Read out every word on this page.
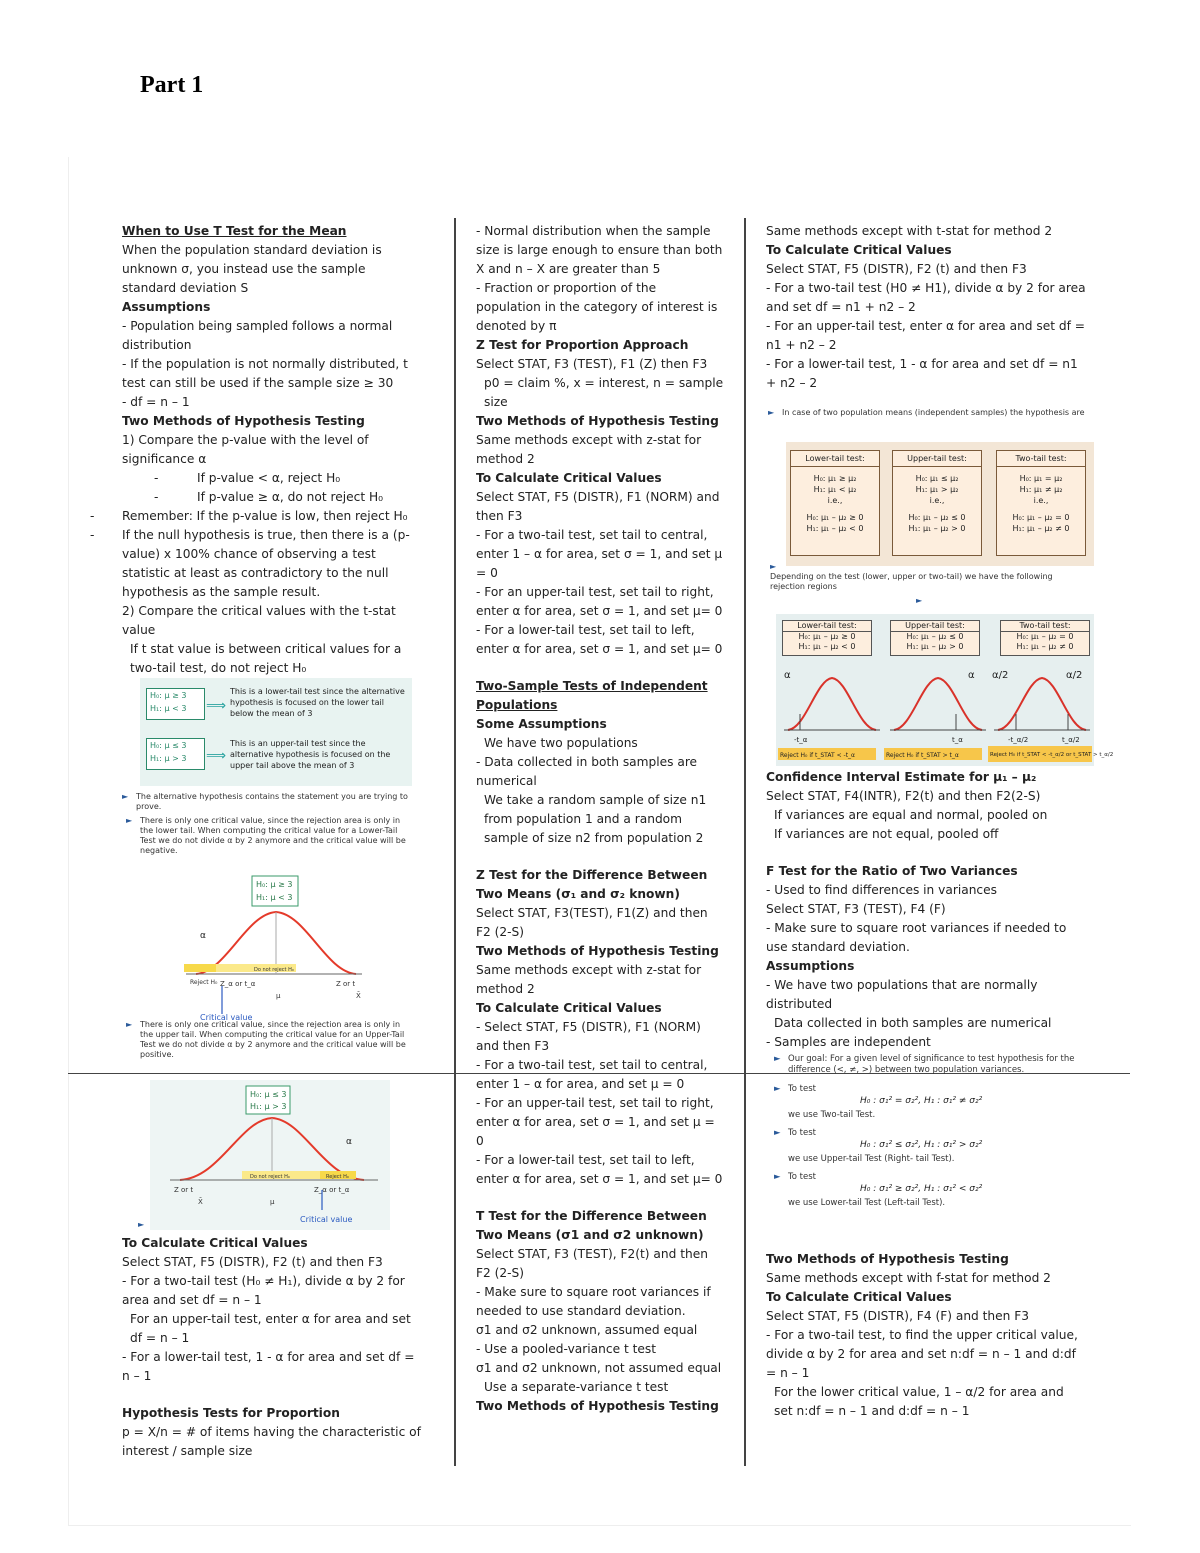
Part 1

When to Use T Test for the Mean

When the population standard deviation is unknown σ, you instead use the sample standard deviation S

Assumptions

- Population being sampled follows a normal distribution

- If the population is not normally distributed, t test can still be used if the sample size ≥ 30

- df = n – 1

Two Methods of Hypothesis Testing

1) Compare the p-value with the level of significance α

-	If p-value < α, reject H₀

-	If p-value ≥ α, do not reject H₀

- Remember: If the p-value is low, then reject H₀

- If the null hypothesis is true, then there is a (p-value) x 100% chance of observing a test statistic at least as contradictory to the null hypothesis as the sample result.

2) Compare the critical values with the t-stat value

If t stat value is between critical values for a two-tail test, do not reject H₀

H₀: μ ≥ 3
H₁: μ < 3	⟹
This is a lower-tail test since the alternative hypothesis is focused on the lower tail below the mean of 3
H₀: μ ≤ 3
H₁: μ > 3	⟹
This is an upper-tail test since the alternative hypothesis is focused on the upper tail above the mean of 3
► The alternative hypothesis contains the statement you are trying to prove.
► There is only one critical value, since the rejection area is only in the lower tail. When computing the critical value for a Lower-Tail Test we do not divide α by 2 anymore and the critical value will be negative.
H₀: μ ≥ 3
H₁: μ < 3
α
Reject H₀
Do not reject H₀
Z or t
Z_α or t_α
μ	X̄
Critical value
► There is only one critical value, since the rejection area is only in the upper tail. When computing the critical value for an Upper-Tail Test we do not divide α by 2 anymore and the critical value will be positive.
H₀: μ ≤ 3
H₁: μ > 3
α
Do not reject H₀	Reject H₀
Z or t	Z_α or t_α
μ
X̄
Critical value
►

To Calculate Critical Values

Select STAT, F5 (DISTR), F2 (t) and then F3

- For a two-tail test (H₀ ≠ H₁), divide α by 2 for area and set df = n – 1

For an upper-tail test, enter α for area and set df = n – 1

- For a lower-tail test, 1 - α for area and set df = n – 1

Hypothesis Tests for Proportion

p = X/n = # of items having the characteristic of interest / sample size

- Normal distribution when the sample size is large enough to ensure than both X and n – X are greater than 5

- Fraction or proportion of the population in the category of interest is denoted by π

Z Test for Proportion Approach

Select STAT, F3 (TEST), F1 (Z) then F3

p0 = claim %, x = interest, n = sample size

Two Methods of Hypothesis Testing

Same methods except with z-stat for method 2

To Calculate Critical Values

Select STAT, F5 (DISTR), F1 (NORM) and then F3

- For a two-tail test, set tail to central, enter 1 – α for area, set σ = 1, and set μ = 0

- For an upper-tail test, set tail to right, enter α for area, set σ = 1, and set μ= 0

- For a lower-tail test, set tail to left, enter α for area, set σ = 1, and set μ= 0

Two-Sample Tests of Independent Populations

Some Assumptions

We have two populations

- Data collected in both samples are numerical

We take a random sample of size n1 from population 1 and a random sample of size n2 from population 2

Z Test for the Difference Between Two Means (σ₁ and σ₂ known)

Select STAT, F3(TEST), F1(Z) and then F2 (2-S)

Two Methods of Hypothesis Testing

Same methods except with z-stat for method 2

To Calculate Critical Values

- Select STAT, F5 (DISTR), F1 (NORM) and then F3

- For a two-tail test, set tail to central, enter 1 – α for area, and set μ = 0

- For an upper-tail test, set tail to right, enter α for area, set σ = 1, and set μ = 0

- For a lower-tail test, set tail to left, enter α for area, set σ = 1, and set μ= 0

T Test for the Difference Between Two Means (σ1 and σ2 unknown)

Select STAT, F3 (TEST), F2(t) and then F2 (2-S)

- Make sure to square root variances if needed to use standard deviation.

σ1 and σ2 unknown, assumed equal

- Use a pooled-variance t test

σ1 and σ2 unknown, not assumed equal

Use a separate-variance t test

Two Methods of Hypothesis Testing

Same methods except with t-stat for method 2

To Calculate Critical Values

Select STAT, F5 (DISTR), F2 (t) and then F3

- For a two-tail test (H0 ≠ H1), divide α by 2 for area and set df = n1 + n2 – 2

- For an upper-tail test, enter α for area and set df = n1 + n2 – 2

- For a lower-tail test, 1 - α for area and set df = n1 + n2 – 2

► In case of two population means (independent samples) the hypothesis are
Lower-tail test:
H₀: μ₁ ≥ μ₂
H₁: μ₁ < μ₂
i.e.,
H₀: μ₁ – μ₂ ≥ 0
H₁: μ₁ – μ₂ < 0
Upper-tail test:
H₀: μ₁ ≤ μ₂
H₁: μ₁ > μ₂
i.e.,
H₀: μ₁ – μ₂ ≤ 0
H₁: μ₁ – μ₂ > 0
Two-tail test:
H₀: μ₁ = μ₂
H₁: μ₁ ≠ μ₂
i.e.,
H₀: μ₁ – μ₂ = 0
H₁: μ₁ – μ₂ ≠ 0
►
Depending on the test (lower, upper or two-tail) we have the following rejection regions
►
Lower-tail test:
H₀: μ₁ – μ₂ ≥ 0
H₁: μ₁ – μ₂ < 0
Upper-tail test:
H₀: μ₁ – μ₂ ≤ 0
H₁: μ₁ – μ₂ > 0
Two-tail test:
H₀: μ₁ – μ₂ = 0
H₁: μ₁ – μ₂ ≠ 0
α
-t_α
Reject H₀ if t_STAT < -t_α
α
t_α
Reject H₀ if t_STAT > t_α
α/2	α/2
-t_α/2	t_α/2
Reject H₀ if t_STAT < -t_α/2 or t_STAT > t_α/2

Confidence Interval Estimate for μ₁ – μ₂

Select STAT, F4(INTR), F2(t) and then F2(2-S)

If variances are equal and normal, pooled on

If variances are not equal, pooled off

F Test for the Ratio of Two Variances

- Used to find differences in variances

Select STAT, F3 (TEST), F4 (F)

- Make sure to square root variances if needed to use standard deviation.

Assumptions

- We have two populations that are normally distributed

Data collected in both samples are numerical

- Samples are independent

► Our goal: For a given level of significance to test hypothesis for the difference (<, ≠, >) between two population variances.
► To test
H₀ : σ₁² = σ₂², H₁ : σ₁² ≠ σ₂²
we use Two-tail Test.
► To test
H₀ : σ₁² ≤ σ₂², H₁ : σ₁² > σ₂²
we use Upper-tail Test (Right- tail Test).
► To test
H₀ : σ₁² ≥ σ₂², H₁ : σ₁² < σ₂²
we use Lower-tail Test (Left-tail Test).

Two Methods of Hypothesis Testing

Same methods except with f-stat for method 2

To Calculate Critical Values

Select STAT, F5 (DISTR), F4 (F) and then F3

- For a two-tail test, to find the upper critical value, divide α by 2 for area and set n:df = n – 1 and d:df = n – 1

For the lower critical value, 1 – α/2 for area and set n:df = n – 1 and d:df = n – 1
